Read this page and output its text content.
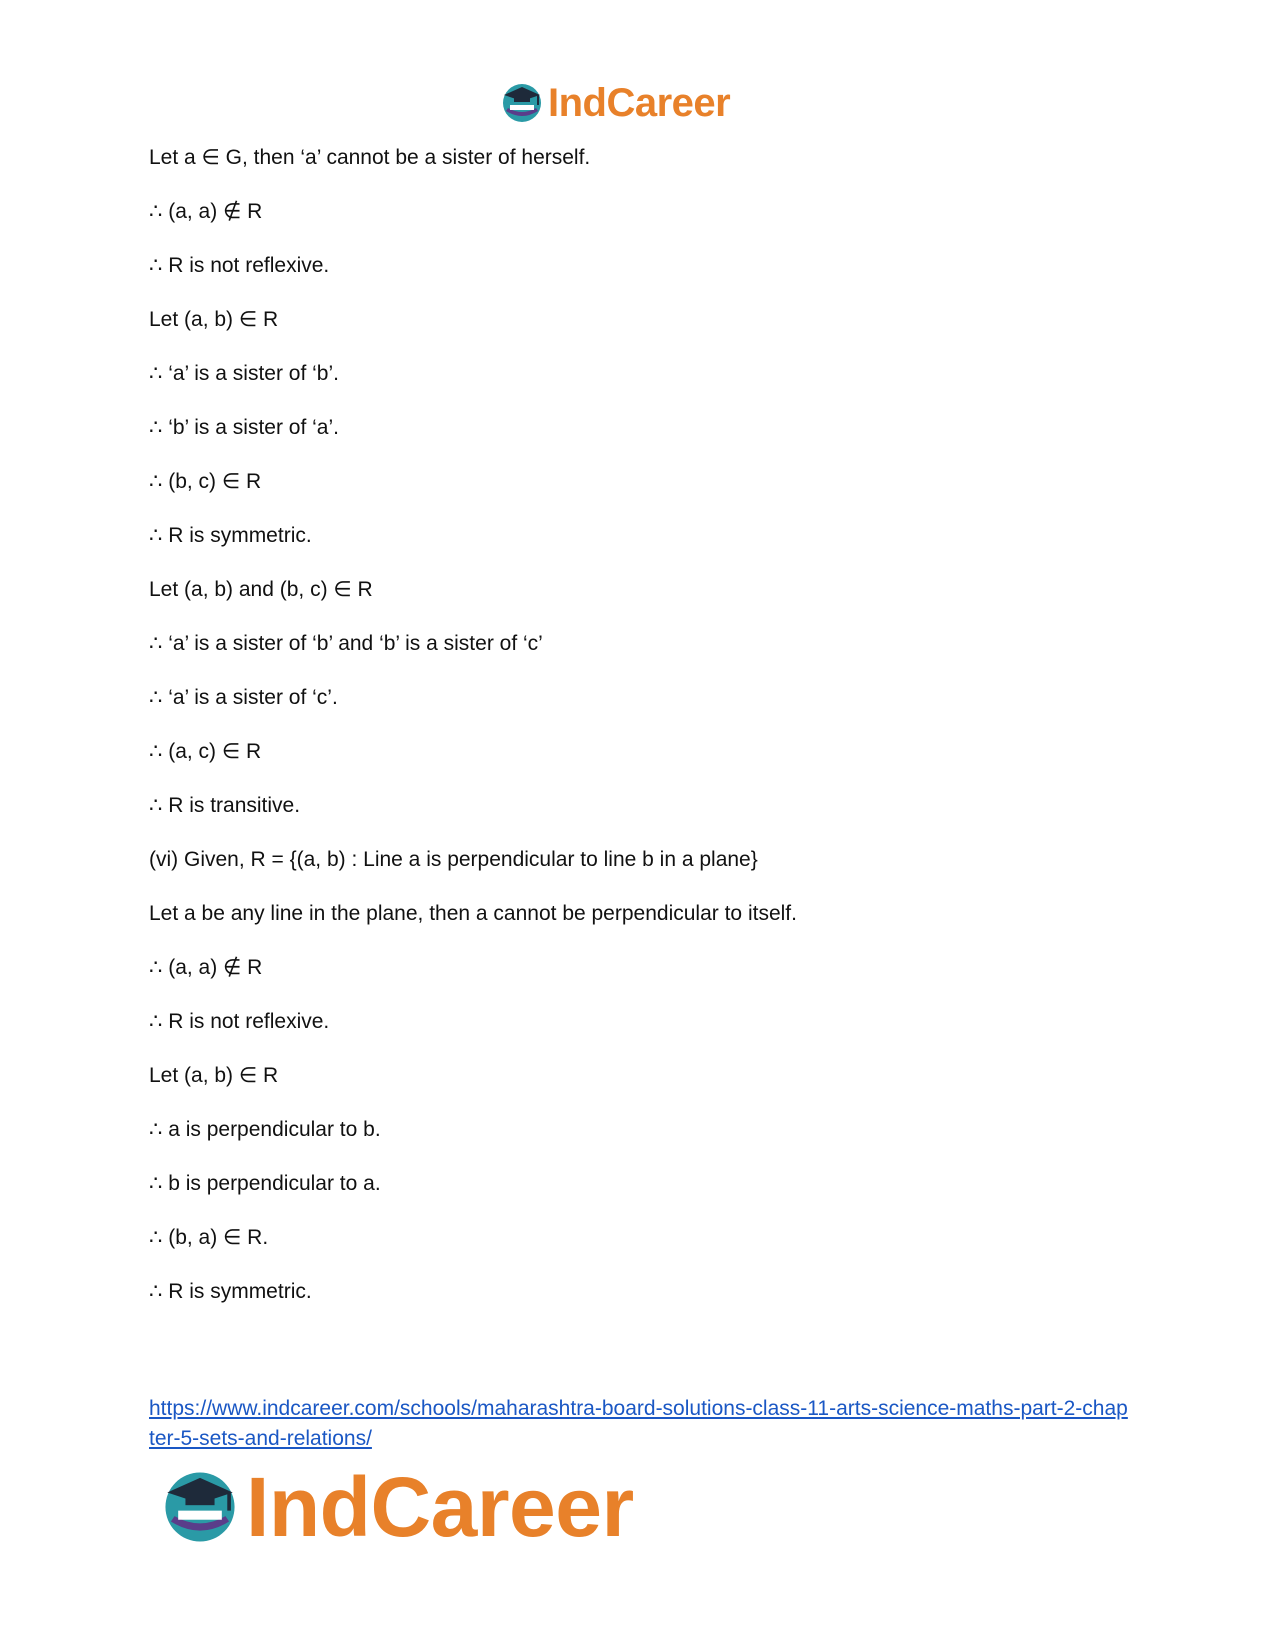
IndCareer
Let a ∈ G, then ‘a’ cannot be a sister of herself.
∴ (a, a) ∉ R
∴ R is not reflexive.
Let (a, b) ∈ R
∴ ‘a’ is a sister of ‘b’.
∴ ‘b’ is a sister of ‘a’.
∴ (b, c) ∈ R
∴ R is symmetric.
Let (a, b) and (b, c) ∈ R
∴ ‘a’ is a sister of ‘b’ and ‘b’ is a sister of ‘c’
∴ ‘a’ is a sister of ‘c’.
∴ (a, c) ∈ R
∴ R is transitive.
(vi) Given, R = {(a, b) : Line a is perpendicular to line b in a plane}
Let a be any line in the plane, then a cannot be perpendicular to itself.
∴ (a, a) ∉ R
∴ R is not reflexive.
Let (a, b) ∈ R
∴ a is perpendicular to b.
∴ b is perpendicular to a.
∴ (b, a) ∈ R.
∴ R is symmetric.
https://www.indcareer.com/schools/maharashtra-board-solutions-class-11-arts-science-maths-part-2-chapter-5-sets-and-relations/
IndCareer
